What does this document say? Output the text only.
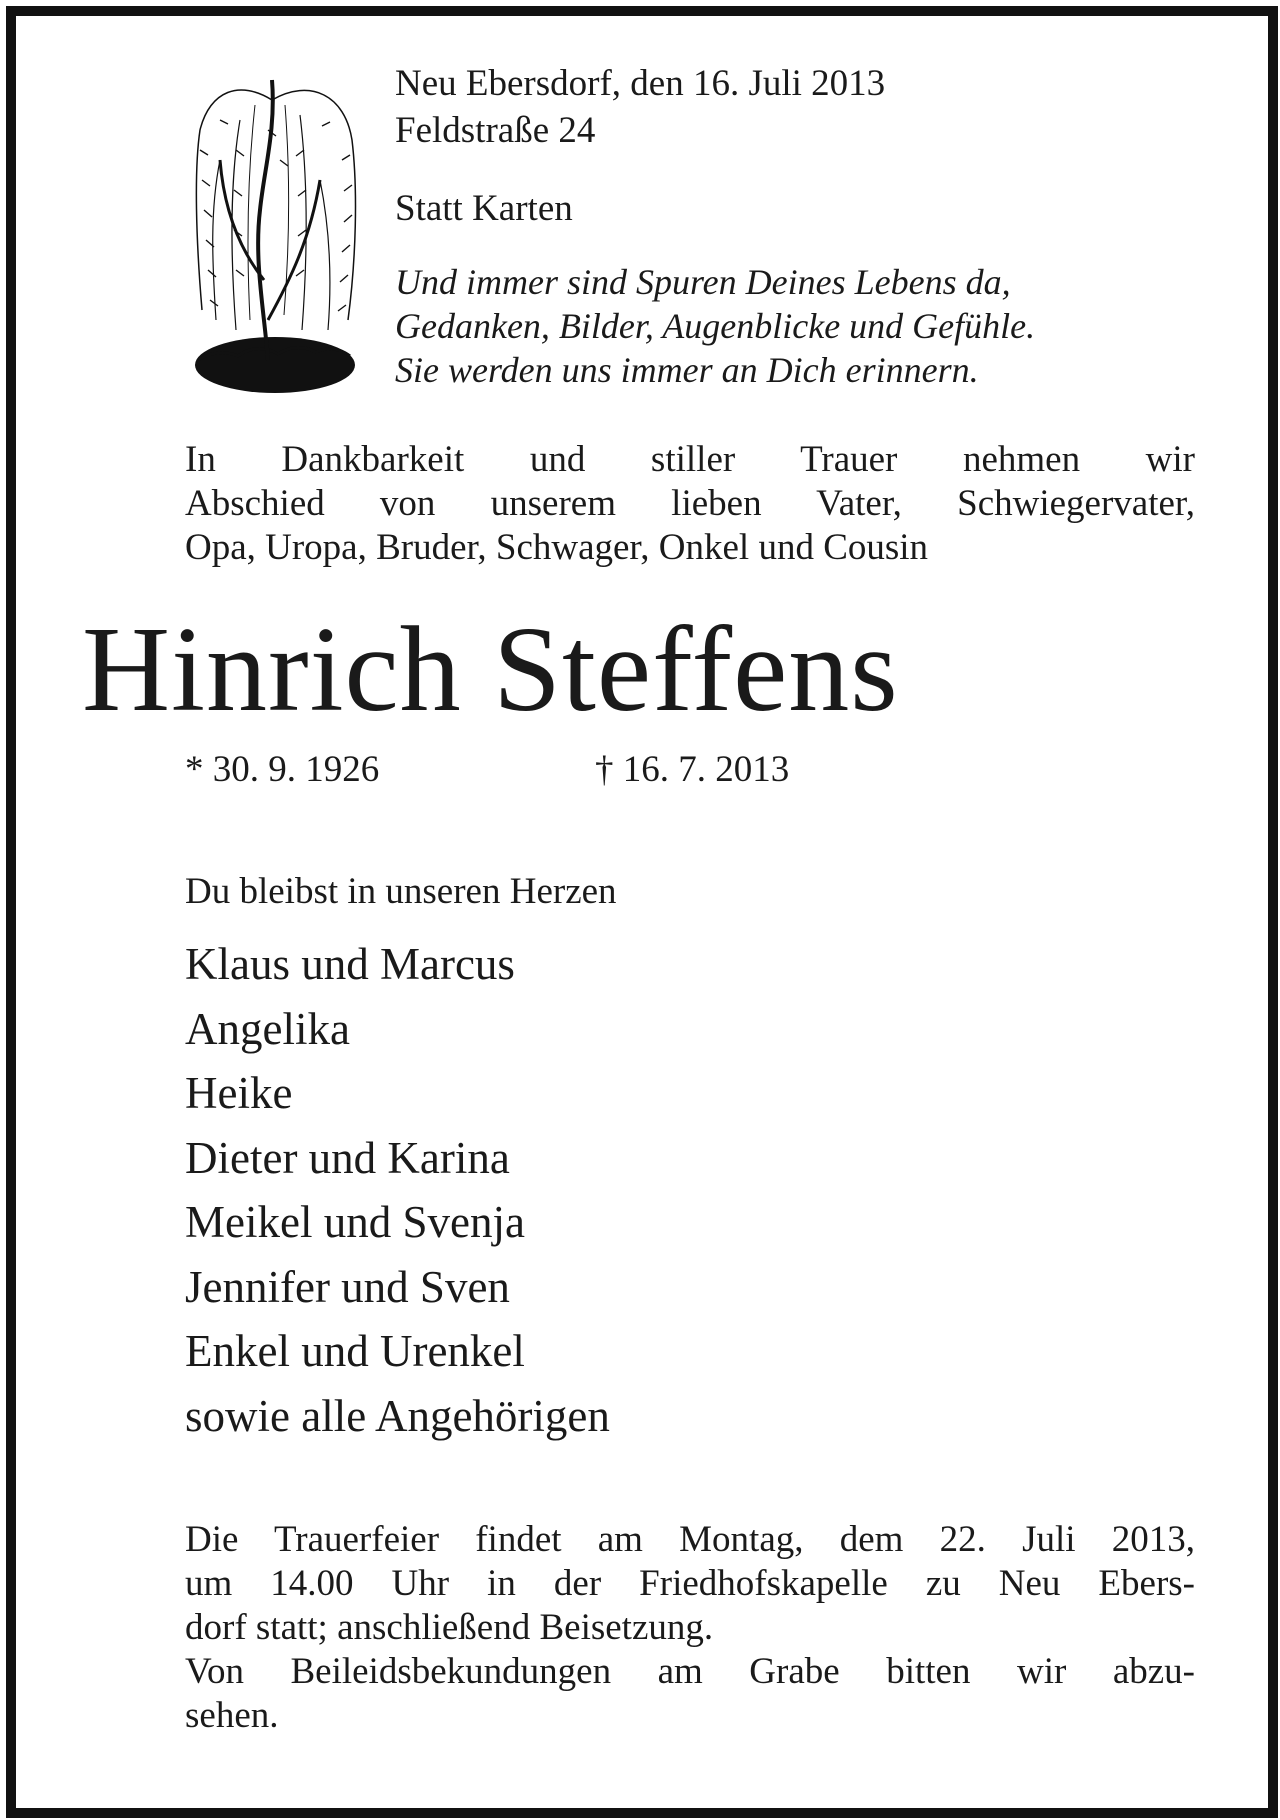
Neu Ebersdorf, den 16. Juli 2013
Feldstraße 24
Statt Karten
Und immer sind Spuren Deines Lebens da,
Gedanken, Bilder, Augenblicke und Gefühle.
Sie werden uns immer an Dich erinnern.
In Dankbarkeit und stiller Trauer nehmen wir
Abschied von unserem lieben Vater, Schwiegervater,
Opa, Uropa, Bruder, Schwager, Onkel und Cousin
Hinrich Steffens
* 30. 9. 1926	† 16. 7. 2013
Du bleibst in unseren Herzen
Klaus und Marcus
Angelika
Heike
Dieter und Karina
Meikel und Svenja
Jennifer und Sven
Enkel und Urenkel
sowie alle Angehörigen
Die Trauerfeier findet am Montag, dem 22. Juli 2013,
um 14.00 Uhr in der Friedhofskapelle zu Neu Ebers-
dorf statt; anschließend Beisetzung.
Von Beileidsbekundungen am Grabe bitten wir abzu-
sehen.
